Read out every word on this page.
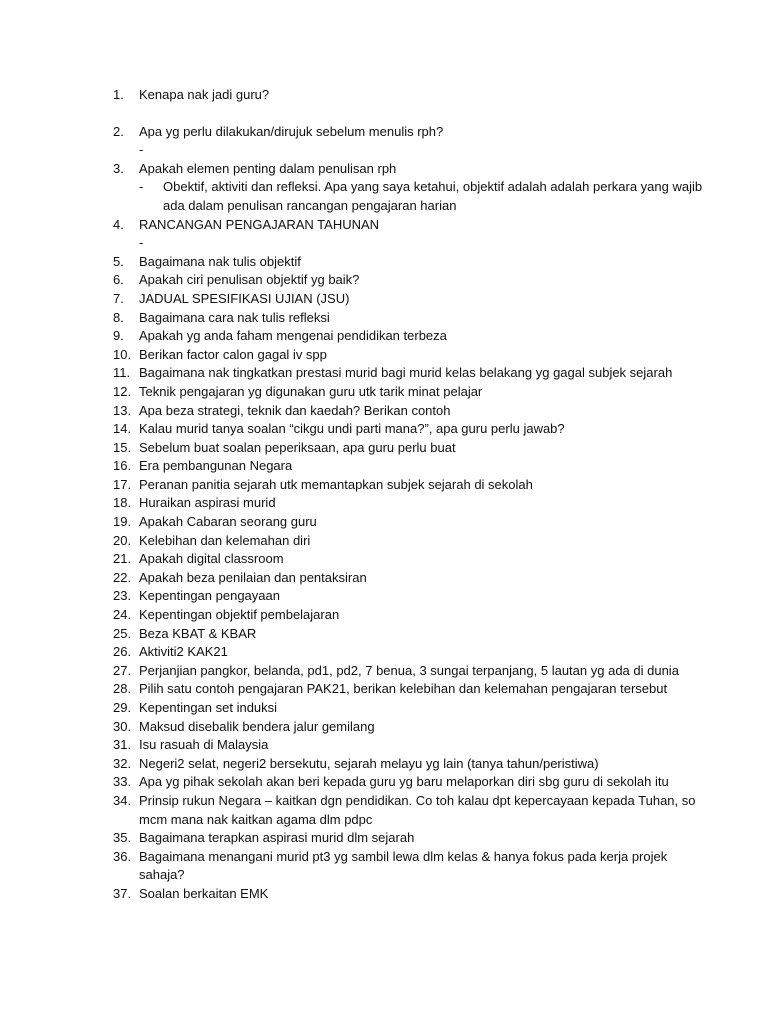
1.	Kenapa nak jadi guru?
2.	Apa yg perlu dilakukan/dirujuk sebelum menulis rph?
-

3.	Apakah elemen penting dalam penulisan rph
- Obektif, aktiviti dan refleksi. Apa yang saya ketahui, objektif adalah adalah perkara yang wajib ada dalam penulisan rancangan pengajaran harian
4.	RANCANGAN PENGAJARAN TAHUNAN
-

5.	Bagaimana nak tulis objektif
6.	Apakah ciri penulisan objektif yg baik?
7.	JADUAL SPESIFIKASI UJIAN (JSU)
8.	Bagaimana cara nak tulis refleksi
9.	Apakah yg anda faham mengenai pendidikan terbeza
10. Berikan factor calon gagal iv spp
11. Bagaimana nak tingkatkan prestasi murid bagi murid kelas belakang yg gagal subjek sejarah
12. Teknik pengajaran yg digunakan guru utk tarik minat pelajar
13. Apa beza strategi, teknik dan kaedah? Berikan contoh
14. Kalau murid tanya soalan “cikgu undi parti mana?”, apa guru perlu jawab?
15. Sebelum buat soalan peperiksaan, apa guru perlu buat
16. Era pembangunan Negara
17. Peranan panitia sejarah utk memantapkan subjek sejarah di sekolah
18. Huraikan aspirasi murid
19. Apakah Cabaran seorang guru
20. Kelebihan dan kelemahan diri
21. Apakah digital classroom
22. Apakah beza penilaian dan pentaksiran
23. Kepentingan pengayaan
24. Kepentingan objektif pembelajaran
25. Beza KBAT & KBAR
26. Aktiviti2 KAK21
27. Perjanjian pangkor, belanda, pd1, pd2, 7 benua, 3 sungai terpanjang, 5 lautan yg ada di dunia
28. Pilih satu contoh pengajaran PAK21, berikan kelebihan dan kelemahan pengajaran tersebut
29. Kepentingan set induksi
30. Maksud disebalik bendera jalur gemilang
31. Isu rasuah di Malaysia
32. Negeri2 selat, negeri2 bersekutu, sejarah melayu yg lain (tanya tahun/peristiwa)
33. Apa yg pihak sekolah akan beri kepada guru yg baru melaporkan diri sbg guru di sekolah itu
34. Prinsip rukun Negara – kaitkan dgn pendidikan. Co toh kalau dpt kepercayaan kepada Tuhan, so mcm mana nak kaitkan agama dlm pdpc
35. Bagaimana terapkan aspirasi murid dlm sejarah
36. Bagaimana menangani murid pt3 yg sambil lewa dlm kelas & hanya fokus pada kerja projek sahaja?
37. Soalan berkaitan EMK
